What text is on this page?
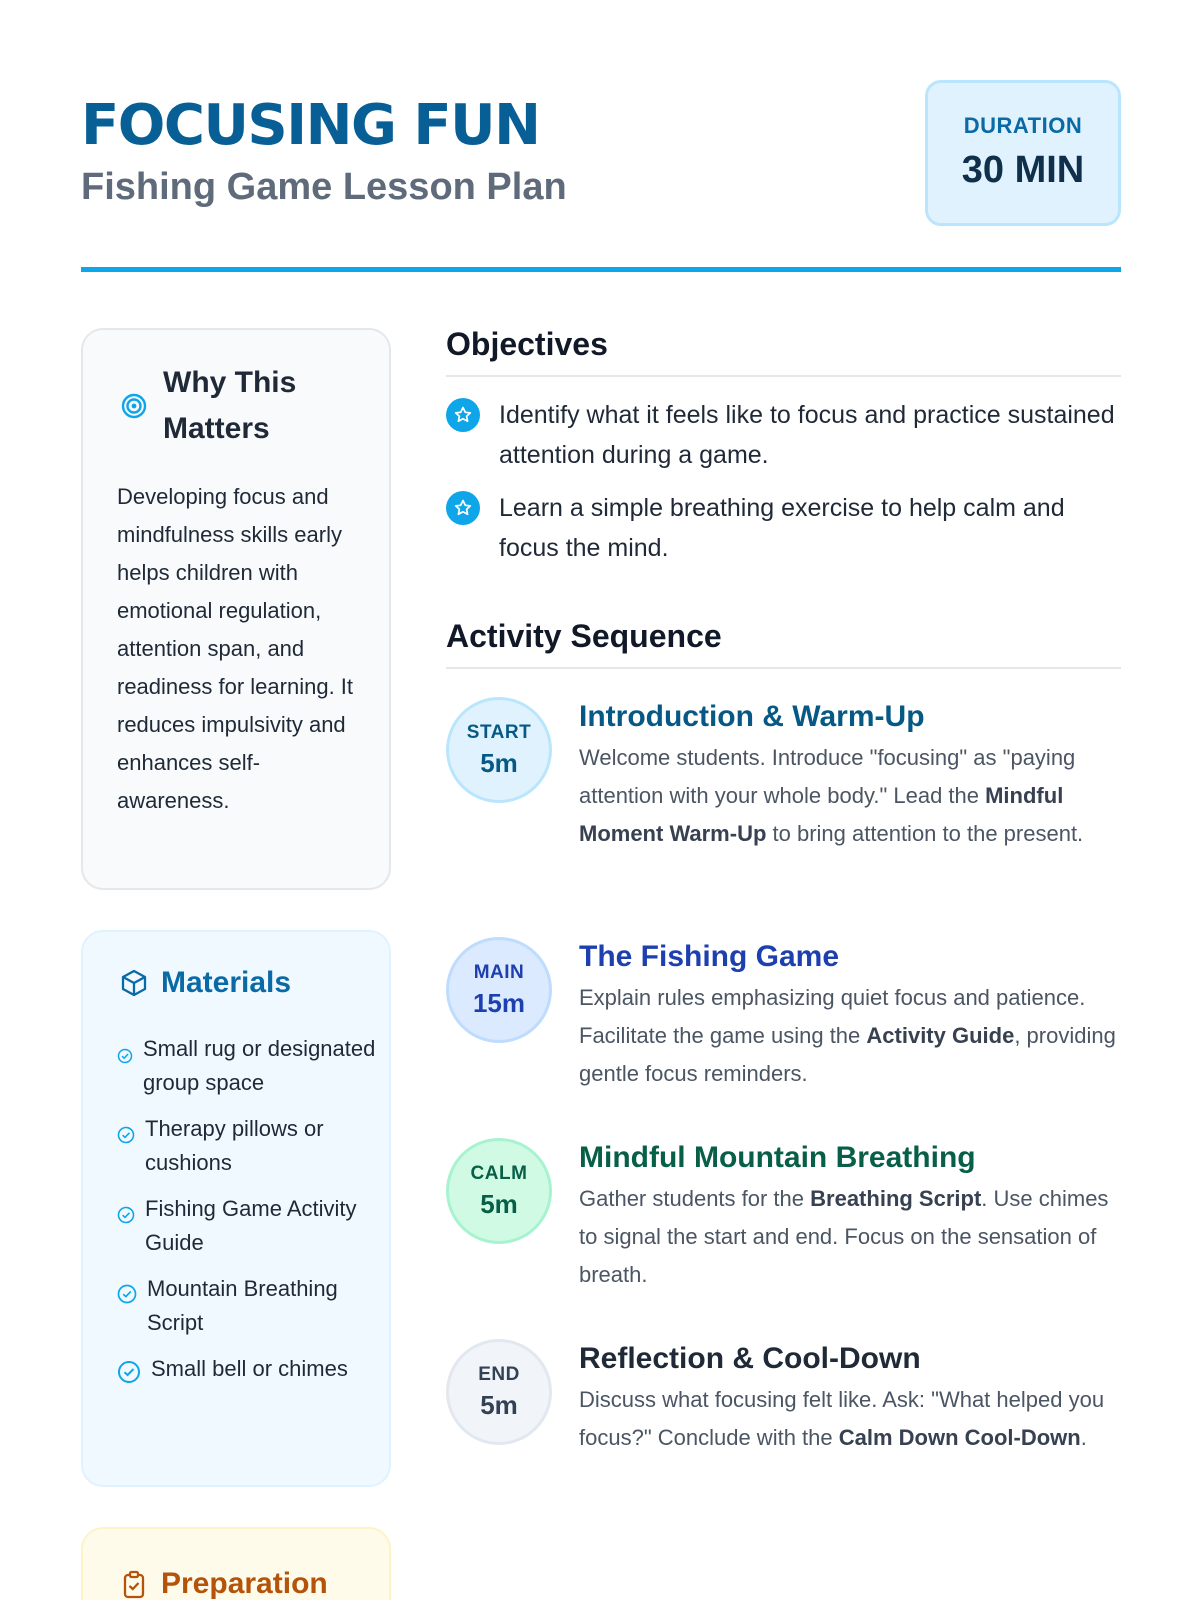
FOCUSING FUN
Fishing Game Lesson Plan
DURATION
30 MIN
Why This Matters

Developing focus and mindfulness skills early helps children with emotional regulation, attention span, and readiness for learning. It reduces impulsivity and enhances self-awareness.

Materials
Small rug or designated group space
Therapy pillows or cushions
Fishing Game Activity Guide
Mountain Breathing Script
Small bell or chimes
Preparation
Objectives
Identify what it feels like to focus and practice sustained attention during a game.
Learn a simple breathing exercise to help calm and focus the mind.
Activity Sequence
START
5m
Introduction & Warm-Up

Welcome students. Introduce "focusing" as "paying attention with your whole body." Lead the Mindful Moment Warm-Up to bring attention to the present.

MAIN
15m
The Fishing Game

Explain rules emphasizing quiet focus and patience. Facilitate the game using the Activity Guide, providing gentle focus reminders.

CALM
5m
Mindful Mountain Breathing

Gather students for the Breathing Script. Use chimes to signal the start and end. Focus on the sensation of breath.

END
5m
Reflection & Cool-Down

Discuss what focusing felt like. Ask: "What helped you focus?" Conclude with the Calm Down Cool-Down.
